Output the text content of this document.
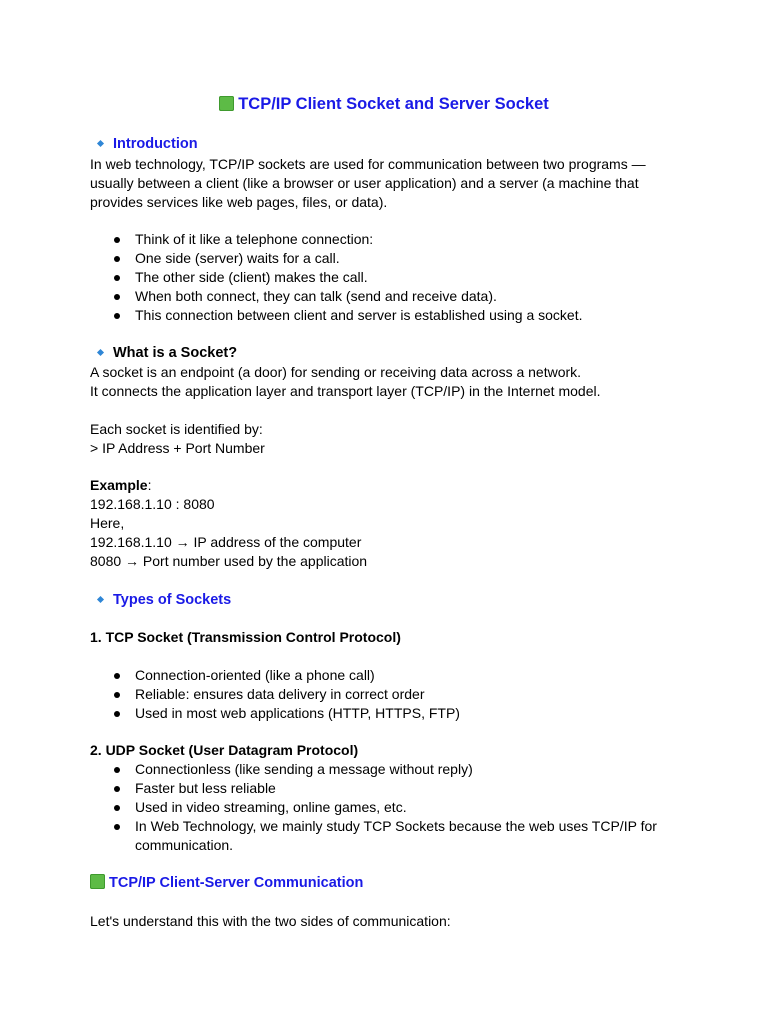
TCP/IP Client Socket and Server Socket
Introduction
In web technology, TCP/IP sockets are used for communication between two programs —
usually between a client (like a browser or user application) and a server (a machine that
provides services like web pages, files, or data).
Think of it like a telephone connection:
One side (server) waits for a call.
The other side (client) makes the call.
When both connect, they can talk (send and receive data).
This connection between client and server is established using a socket.
What is a Socket?
A socket is an endpoint (a door) for sending or receiving data across a network.
It connects the application layer and transport layer (TCP/IP) in the Internet model.
Each socket is identified by:
> IP Address + Port Number
Example:
192.168.1.10 : 8080
Here,
192.168.1.10 → IP address of the computer
8080 → Port number used by the application
Types of Sockets
1. TCP Socket (Transmission Control Protocol)
Connection-oriented (like a phone call)
Reliable: ensures data delivery in correct order
Used in most web applications (HTTP, HTTPS, FTP)
2. UDP Socket (User Datagram Protocol)
Connectionless (like sending a message without reply)
Faster but less reliable
Used in video streaming, online games, etc.
In Web Technology, we mainly study TCP Sockets because the web uses TCP/IP for
communication.
TCP/IP Client-Server Communication
Let's understand this with the two sides of communication:
